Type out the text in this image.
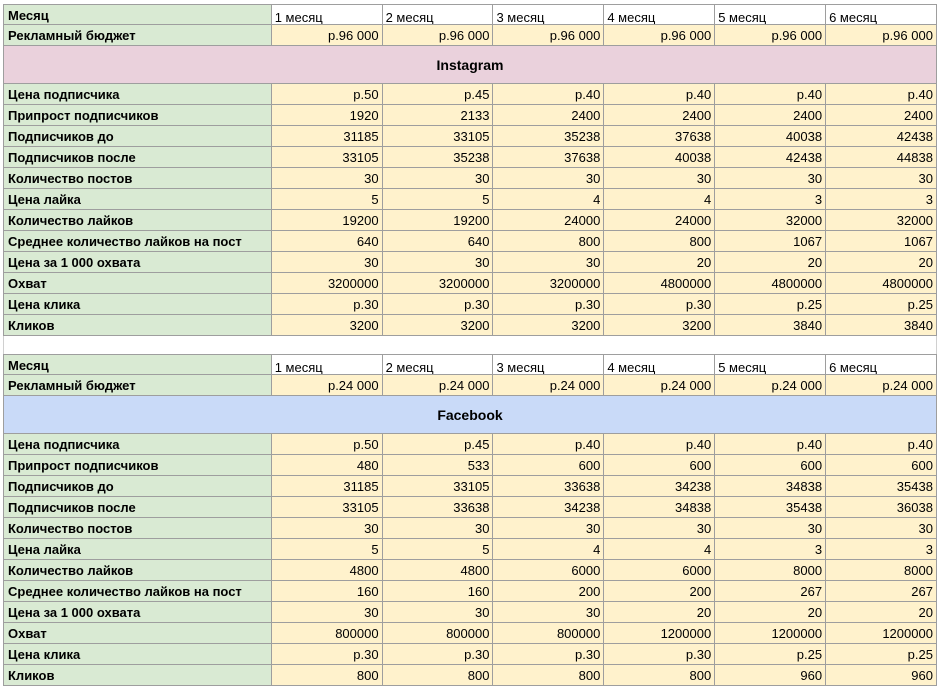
Месяц	1 месяц	2 месяц	3 месяц	4 месяц	5 месяц	6 месяц
Рекламный бюджет	р.96 000	р.96 000	р.96 000	р.96 000	р.96 000	р.96 000
Instagram
Цена подписчика	р.50	р.45	р.40	р.40	р.40	р.40
Припрост подписчиков	1920	2133	2400	2400	2400	2400
Подписчиков до	31185	33105	35238	37638	40038	42438
Подписчиков после	33105	35238	37638	40038	42438	44838
Количество постов	30	30	30	30	30	30
Цена лайка	5	5	4	4	3	3
Количество лайков	19200	19200	24000	24000	32000	32000
Среднее количество лайков на пост	640	640	800	800	1067	1067
Цена за 1 000 охвата	30	30	30	20	20	20
Охват	3200000	3200000	3200000	4800000	4800000	4800000
Цена клика	р.30	р.30	р.30	р.30	р.25	р.25
Кликов	3200	3200	3200	3200	3840	3840
Месяц	1 месяц	2 месяц	3 месяц	4 месяц	5 месяц	6 месяц
Рекламный бюджет	р.24 000	р.24 000	р.24 000	р.24 000	р.24 000	р.24 000
Facebook
Цена подписчика	р.50	р.45	р.40	р.40	р.40	р.40
Припрост подписчиков	480	533	600	600	600	600
Подписчиков до	31185	33105	33638	34238	34838	35438
Подписчиков после	33105	33638	34238	34838	35438	36038
Количество постов	30	30	30	30	30	30
Цена лайка	5	5	4	4	3	3
Количество лайков	4800	4800	6000	6000	8000	8000
Среднее количество лайков на пост	160	160	200	200	267	267
Цена за 1 000 охвата	30	30	30	20	20	20
Охват	800000	800000	800000	1200000	1200000	1200000
Цена клика	р.30	р.30	р.30	р.30	р.25	р.25
Кликов	800	800	800	800	960	960
